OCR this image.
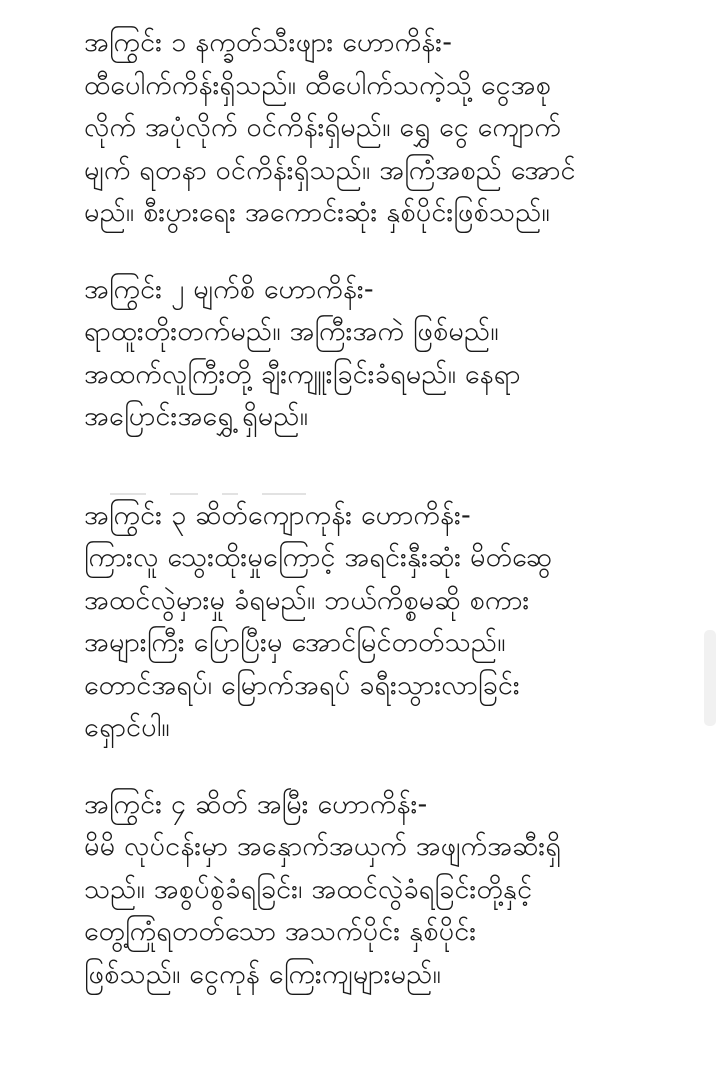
အကြွင်း ၁ နက္ခတ်သီးဖျား ဟောကိန်း-
ထီပေါက်ကိန်းရှိသည်။ ထီပေါက်သကဲ့သို့ ငွေအစု
လိုက် အပုံလိုက် ဝင်ကိန်းရှိမည်။ ရွှေ ငွေ ကျောက်
မျက် ရတနာ ဝင်ကိန်းရှိသည်။ အကြံအစည် အောင်
မည်။ စီးပွားရေး အကောင်းဆုံး နှစ်ပိုင်းဖြစ်သည်။
အကြွင်း ၂ မျက်စိ ဟောကိန်း-
ရာထူးတိုးတက်မည်။ အကြီးအကဲ ဖြစ်မည်။
အထက်လူကြီးတို့ ချီးကျူးခြင်းခံရမည်။ နေရာ
အပြောင်းအရွှေ့ ရှိမည်။
အကြွင်း ၃ ဆိတ်ကျောကုန်း ဟောကိန်း-
ကြားလူ သွေးထိုးမှုကြောင့် အရင်းနှီးဆုံး မိတ်ဆွေ
အထင်လွဲမှားမှု ခံရမည်။ ဘယ်ကိစ္စမဆို စကား
အများကြီး ပြောပြီးမှ အောင်မြင်တတ်သည်။
တောင်အရပ်၊ မြောက်အရပ် ခရီးသွားလာခြင်း
ရှောင်ပါ။
အကြွင်း ၄ ဆိတ် အမြီး ဟောကိန်း-
မိမိ လုပ်ငန်းမှာ အနှောက်အယှက် အဖျက်အဆီးရှိ
သည်။ အစွပ်စွဲခံရခြင်း၊ အထင်လွဲခံရခြင်းတို့နှင့်
တွေ့ကြုံရတတ်သော အသက်ပိုင်း နှစ်ပိုင်း
ဖြစ်သည်။ ငွေကုန် ကြေးကျများမည်။
